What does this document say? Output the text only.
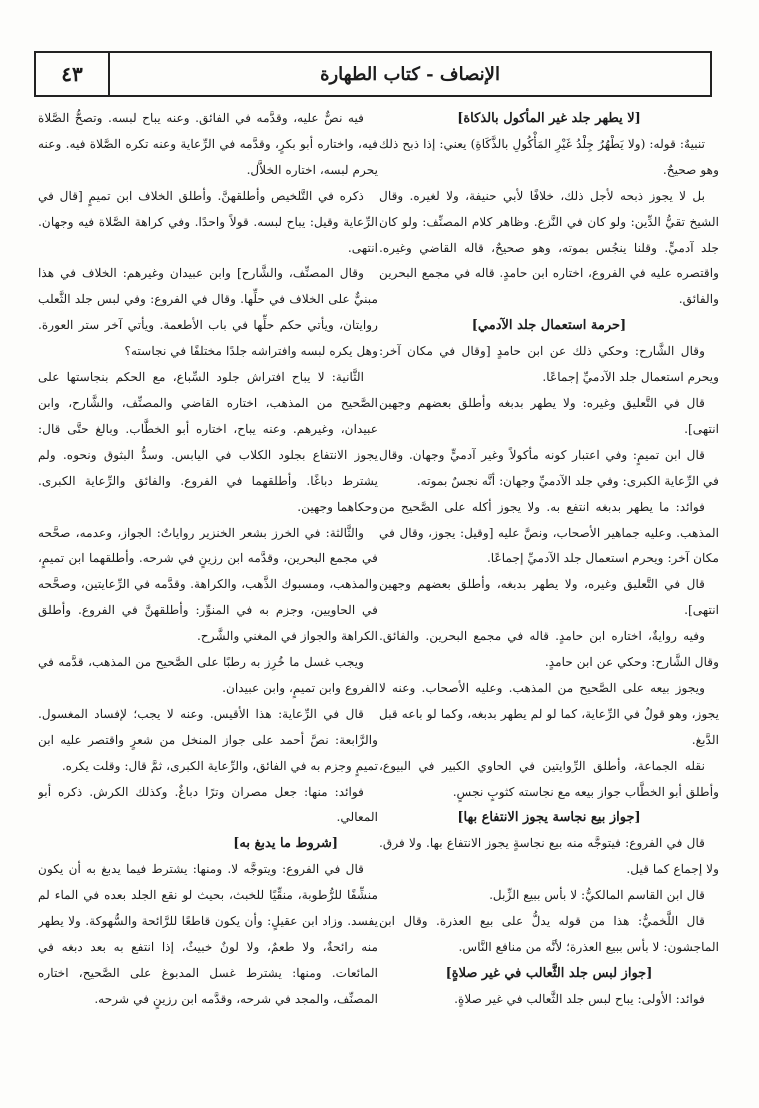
٤٣	الإنصاف - كتاب الطهارة

[لا يطهر جلد غير المأكول بالذكاة]

تنبيهٌ: قوله: (ولا يَطْهُرُ جِلْدُ غَيْرِ المَأْكُولِ بالذَّكَاةِ) يعني: إذا ذبح ذلك وهو صحيحٌ.

بل لا يجوز ذبحه لأجل ذلك، خلافًا لأبي حنيفة، ولا لغيره. وقال الشيخ تقيُّ الدِّين: ولو كان في النَّزع. وظاهر كلام المصنِّف: ولو كان جلد آدميٍّ. وقلنا ينجُس بموته، وهو صحيحٌ، قاله القاضي وغيره. واقتصره عليه في الفروع، اختاره ابن حامدٍ. قاله في مجمع البحرين والفائق.

[حرمة استعمال جلد الآدمي]

وقال الشَّارح: وحكي ذلك عن ابن حامدٍ [وقال في مكان آخر: ويحرم استعمال جلد الآدميِّ إجماعًا.

قال في التَّعليق وغيره: ولا يطهر بدبغه وأطلق بعضهم وجهين انتهى].

قال ابن تميمٍ: وفي اعتبار كونه مأكولاً وغير آدميٍّ وجهان. وقال في الرِّعاية الكبرى: وفي جلد الآدميِّ وجهان: أنَّه نجسٌ بموته.

فوائد: ما يطهر بدبغه انتفع به. ولا يجوز أكله على الصَّحيح من المذهب. وعليه جماهير الأصحاب، ونصَّ عليه [وقيل: يجوز، وقال في مكان آخر: ويحرم استعمال جلد الآدميِّ إجماعًا.

قال في التَّعليق وغيره، ولا يطهر بدبغه، وأطلق بعضهم وجهين انتهى].

وفيه روايةٌ، اختاره ابن حامدٍ. قاله في مجمع البحرين. والفائق. وقال الشَّارح: وحكي عن ابن حامدٍ.

ويجوز بيعه على الصَّحيح من المذهب. وعليه الأصحاب. وعنه لا يجوز، وهو قولٌ في الرِّعاية، كما لو لم يطهر بدبغه، وكما لو باعه قبل الدَّبغ.

نقله الجماعة، وأطلق الرِّوايتين في الحاوي الكبير في البيوع، وأطلق أبو الخطَّاب جواز بيعه مع نجاسته كثوبٍ نجسٍ.

[جواز بيع نجاسة يجوز الانتفاع بها]

قال في الفروع: فيتوجَّه منه بيع نجاسةٍ يجوز الانتفاع بها. ولا فرق. ولا إجماع كما قيل.

قال ابن القاسم المالكيُّ: لا بأس ببيع الزِّبل.

قال اللَّخميُّ: هذا من قوله يدلُّ على بيع العذرة. وقال ابن الماجشون: لا بأس ببيع العذرة؛ لأنَّه من منافع النَّاس.

[جواز لبس جلد الثَّعالب في غير صلاةٍ]

فوائد: الأولى: يباح لبس جلد الثَّعالب في غير صلاةٍ.

فيه نصٌّ عليه، وقدَّمه في الفائق. وعنه يباح لبسه. وتصحُّ الصَّلاة فيه، واختاره أبو بكرٍ، وقدَّمه في الرِّعاية وعنه تكره الصَّلاة فيه. وعنه يحرم لبسه، اختاره الخلاَّل.

ذكره في التَّلخيص وأطلقهنَّ. وأطلق الخلاف ابن تميمٍ [قال في الرِّعاية وقيل: يباح لبسه. قولاً واحدًا. وفي كراهة الصَّلاة فيه وجهان. انتهى.

وقال المصنِّف، والشَّارح] وابن عبيدان وغيرهم: الخلاف في هذا مبنيٌّ على الخلاف في حلِّها. وقال في الفروع: وفي لبس جلد الثَّعلب روايتان، ويأتي حكم حلِّها في باب الأطعمة. ويأتي آخر ستر العورة. وهل يكره لبسه وافتراشه جلدًا مختلفًا في نجاسته؟

الثَّانية: لا يباح افتراش جلود السِّباع، مع الحكم بنجاستها على الصَّحيح من المذهب، اختاره القاضي والمصنِّف، والشَّارح، وابن عبيدان، وغيرهم. وعنه يباح، اختاره أبو الخطَّاب. وبالغ حتَّى قال: يجوز الانتفاع بجلود الكلاب في اليابس. وسدُّ البثوق ونحوه. ولم يشترط دباغًا. وأطلقهما في الفروع. والفائق والرِّعاية الكبرى. وحكاهما وجهين.

والثَّالثة: في الخرز بشعر الخنزير رواياتٌ: الجواز، وعدمه، صحَّحه في مجمع البحرين، وقدَّمه ابن رزينٍ في شرحه. وأطلقهما ابن تميمٍ، والمذهب، ومسبوك الذَّهب، والكراهة. وقدَّمه في الرِّعايتين، وصحَّحه في الحاويين، وجزم به في المنوِّر: وأطلقهنَّ في الفروع. وأطلق الكراهة والجواز في المغني والشَّرح.

ويجب غسل ما خُرِز به رطبًا على الصَّحيح من المذهب، قدَّمه في الفروع وابن تميمٍ، وابن عبيدان.

قال في الرِّعاية: هذا الأقيس. وعنه لا يجب؛ لإفساد المغسول. والرَّابعة: نصَّ أحمد على جواز المنخل من شعرٍ واقتصر عليه ابن تميمٍ وجزم به في الفائق، والرِّعاية الكبرى، ثمَّ قال: وقلت يكره.

فوائد: منها: جعل مصران وترًا دباغٌ. وكذلك الكرش. ذكره أبو المعالي.

[شروط ما يدبغ به]

قال في الفروع: ويتوجَّه لا. ومنها: يشترط فيما يدبغ به أن يكون منشِّفًا للرُّطوبة، منقِّيًا للخبث، بحيث لو نقع الجلد بعده في الماء لم يفسد. وزاد ابن عقيلٍ: وأن يكون قاطعًا للرَّائحة والسُّهوكة. ولا يطهر منه رائحةٌ، ولا طعمٌ، ولا لونٌ خبيثٌ، إذا انتفع به بعد دبغه في المائعات. ومنها: يشترط غسل المدبوغ على الصَّحيح، اختاره المصنِّف، والمجد في شرحه، وقدَّمه ابن رزينٍ في شرحه.
